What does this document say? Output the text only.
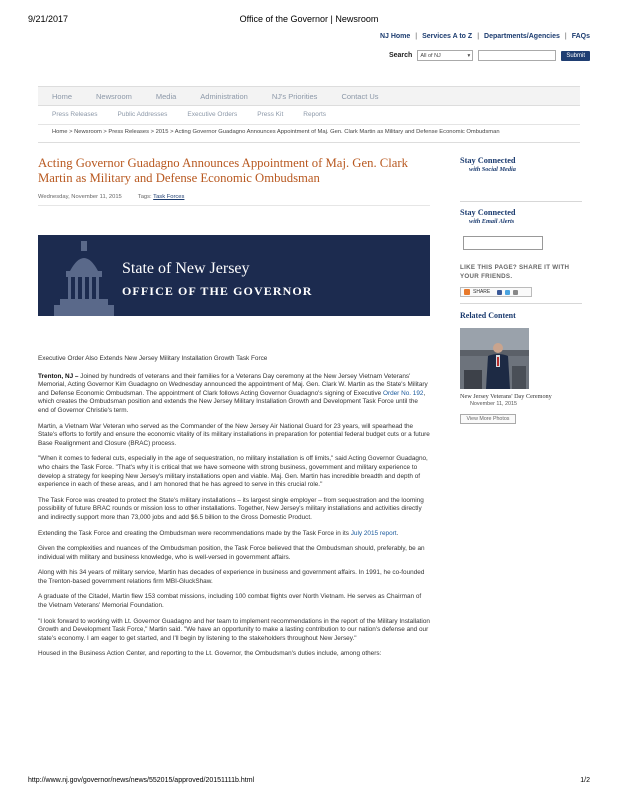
9/21/2017	Office of the Governor | Newsroom
NJ Home | Services A to Z | Departments/Agencies | FAQs
Search All of NJ	▾	Submit
Home	Newsroom	Media	Administration	NJ's Priorities	Contact Us
Press Releases	Public Addresses	Executive Orders	Press Kit	Reports
Home > Newsroom > Press Releases > 2015 > Acting Governor Guadagno Announces Appointment of Maj. Gen. Clark Martin as Military and Defense Economic Ombudsman
Acting Governor Guadagno Announces Appointment of Maj. Gen. Clark Martin as Military and Defense Economic Ombudsman
Wednesday, November 11, 2015	Tags: Task Forces
State of New Jersey
OFFICE OF THE GOVERNOR

Executive Order Also Extends New Jersey Military Installation Growth Task Force

Trenton, NJ – Joined by hundreds of veterans and their families for a Veterans Day ceremony at the New Jersey Vietnam Veterans' Memorial, Acting Governor Kim Guadagno on Wednesday announced the appointment of Maj. Gen. Clark W. Martin as the State's Military and Defense Economic Ombudsman. The appointment of Clark follows Acting Governor Guadagno's signing of Executive Order No. 192, which creates the Ombudsman position and extends the New Jersey Military Installation Growth and Development Task Force until the end of Governor Christie's term.

Martin, a Vietnam War Veteran who served as the Commander of the New Jersey Air National Guard for 23 years, will spearhead the State's efforts to fortify and ensure the economic vitality of its military installations in preparation for potential federal budget cuts or a future Base Realignment and Closure (BRAC) process.

"When it comes to federal cuts, especially in the age of sequestration, no military installation is off limits," said Acting Governor Guadagno, who chairs the Task Force. "That's why it is critical that we have someone with strong business, government and military experience to develop a strategy for keeping New Jersey's military installations open and viable. Maj. Gen. Martin has incredible breadth and depth of experience in each of these areas, and I am honored that he has agreed to serve in this crucial role."

The Task Force was created to protect the State's military installations – its largest single employer – from sequestration and the looming possibility of future BRAC rounds or mission loss to other installations. Together, New Jersey's military installations and activities directly and indirectly support more than 73,000 jobs and add $6.5 billion to the Gross Domestic Product.

Extending the Task Force and creating the Ombudsman were recommendations made by the Task Force in its July 2015 report.

Given the complexities and nuances of the Ombudsman position, the Task Force believed that the Ombudsman should, preferably, be an individual with military and business knowledge, who is well-versed in government affairs.

Along with his 34 years of military service, Martin has decades of experience in business and government affairs. In 1991, he co-founded the Trenton-based government relations firm MBI-GluckShaw.

A graduate of the Citadel, Martin flew 153 combat missions, including 100 combat flights over North Vietnam. He serves as Chairman of the Vietnam Veterans' Memorial Foundation.

"I look forward to working with Lt. Governor Guadagno and her team to implement recommendations in the report of the Military Installation Growth and Development Task Force," Martin said. "We have an opportunity to make a lasting contribution to our nation's defense and our state's economy. I am eager to get started, and I'll begin by listening to the stakeholders throughout New Jersey."

Housed in the Business Action Center, and reporting to the Lt. Governor, the Ombudsman's duties include, among others:

Stay Connected
with Social Media
Stay Connected
with Email Alerts
LIKE THIS PAGE? SHARE IT WITH YOUR FRIENDS.
SHARE
Related Content
New Jersey Veterans' Day Ceremony
November 11, 2015
View More Photos
http://www.nj.gov/governor/news/news/552015/approved/20151111b.html	1/2
